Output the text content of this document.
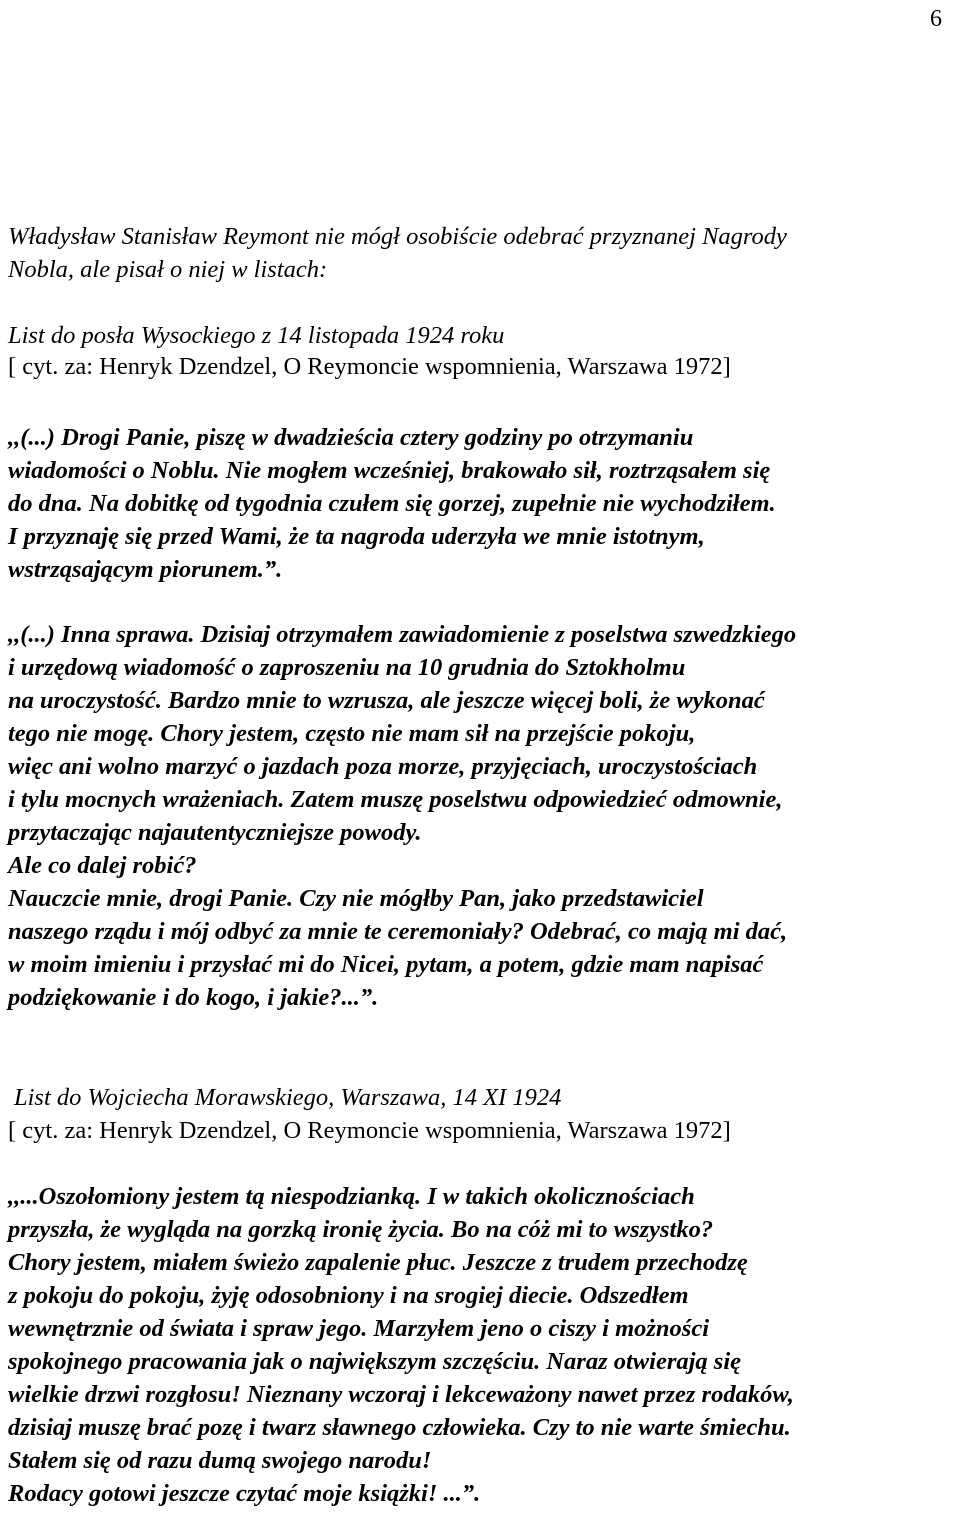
6
Władysław Stanisław Reymont nie mógł osobiście odebrać przyznanej Nagrody
Nobla, ale pisał o niej w listach:
List do posła Wysockiego z 14 listopada 1924 roku
[ cyt. za: Henryk Dzendzel, O Reymoncie wspomnienia, Warszawa 1972]
,,(...) Drogi Panie, piszę w dwadzieścia cztery godziny po otrzymaniu
wiadomości o Noblu. Nie mogłem wcześniej, brakowało sił, roztrząsałem się
do dna. Na dobitkę od tygodnia czułem się gorzej, zupełnie nie wychodziłem.
I przyznaję się przed Wami, że ta nagroda uderzyła we mnie istotnym,
wstrząsającym piorunem.”.
,,(...) Inna sprawa. Dzisiaj otrzymałem zawiadomienie z poselstwa szwedzkiego
i urzędową wiadomość o zaproszeniu na 10 grudnia do Sztokholmu
na uroczystość. Bardzo mnie to wzrusza, ale jeszcze więcej boli, że wykonać
tego nie mogę. Chory jestem, często nie mam sił na przejście pokoju,
więc ani wolno marzyć o jazdach poza morze, przyjęciach, uroczystościach
i tylu mocnych wrażeniach. Zatem muszę poselstwu odpowiedzieć odmownie,
przytaczając najautentyczniejsze powody.
Ale co dalej robić?
Nauczcie mnie, drogi Panie. Czy nie mógłby Pan, jako przedstawiciel
naszego rządu i mój odbyć za mnie te ceremoniały? Odebrać, co mają mi dać,
w moim imieniu i przysłać mi do Nicei, pytam, a potem, gdzie mam napisać
podziękowanie i do kogo, i jakie?...”.
List do Wojciecha Morawskiego, Warszawa, 14 XI 1924
[ cyt. za: Henryk Dzendzel, O Reymoncie wspomnienia, Warszawa 1972]
,,...Oszołomiony jestem tą niespodzianką. I w takich okolicznościach
przyszła, że wygląda na gorzką ironię życia. Bo na cóż mi to wszystko?
Chory jestem, miałem świeżo zapalenie płuc. Jeszcze z trudem przechodzę
z pokoju do pokoju, żyję odosobniony i na srogiej diecie. Odszedłem
wewnętrznie od świata i spraw jego. Marzyłem jeno o ciszy i możności
spokojnego pracowania jak o największym szczęściu. Naraz otwierają się
wielkie drzwi rozgłosu! Nieznany wczoraj i lekceważony nawet przez rodaków,
dzisiaj muszę brać pozę i twarz sławnego człowieka. Czy to nie warte śmiechu.
Stałem się od razu dumą swojego narodu!
Rodacy gotowi jeszcze czytać moje książki! ...”.
